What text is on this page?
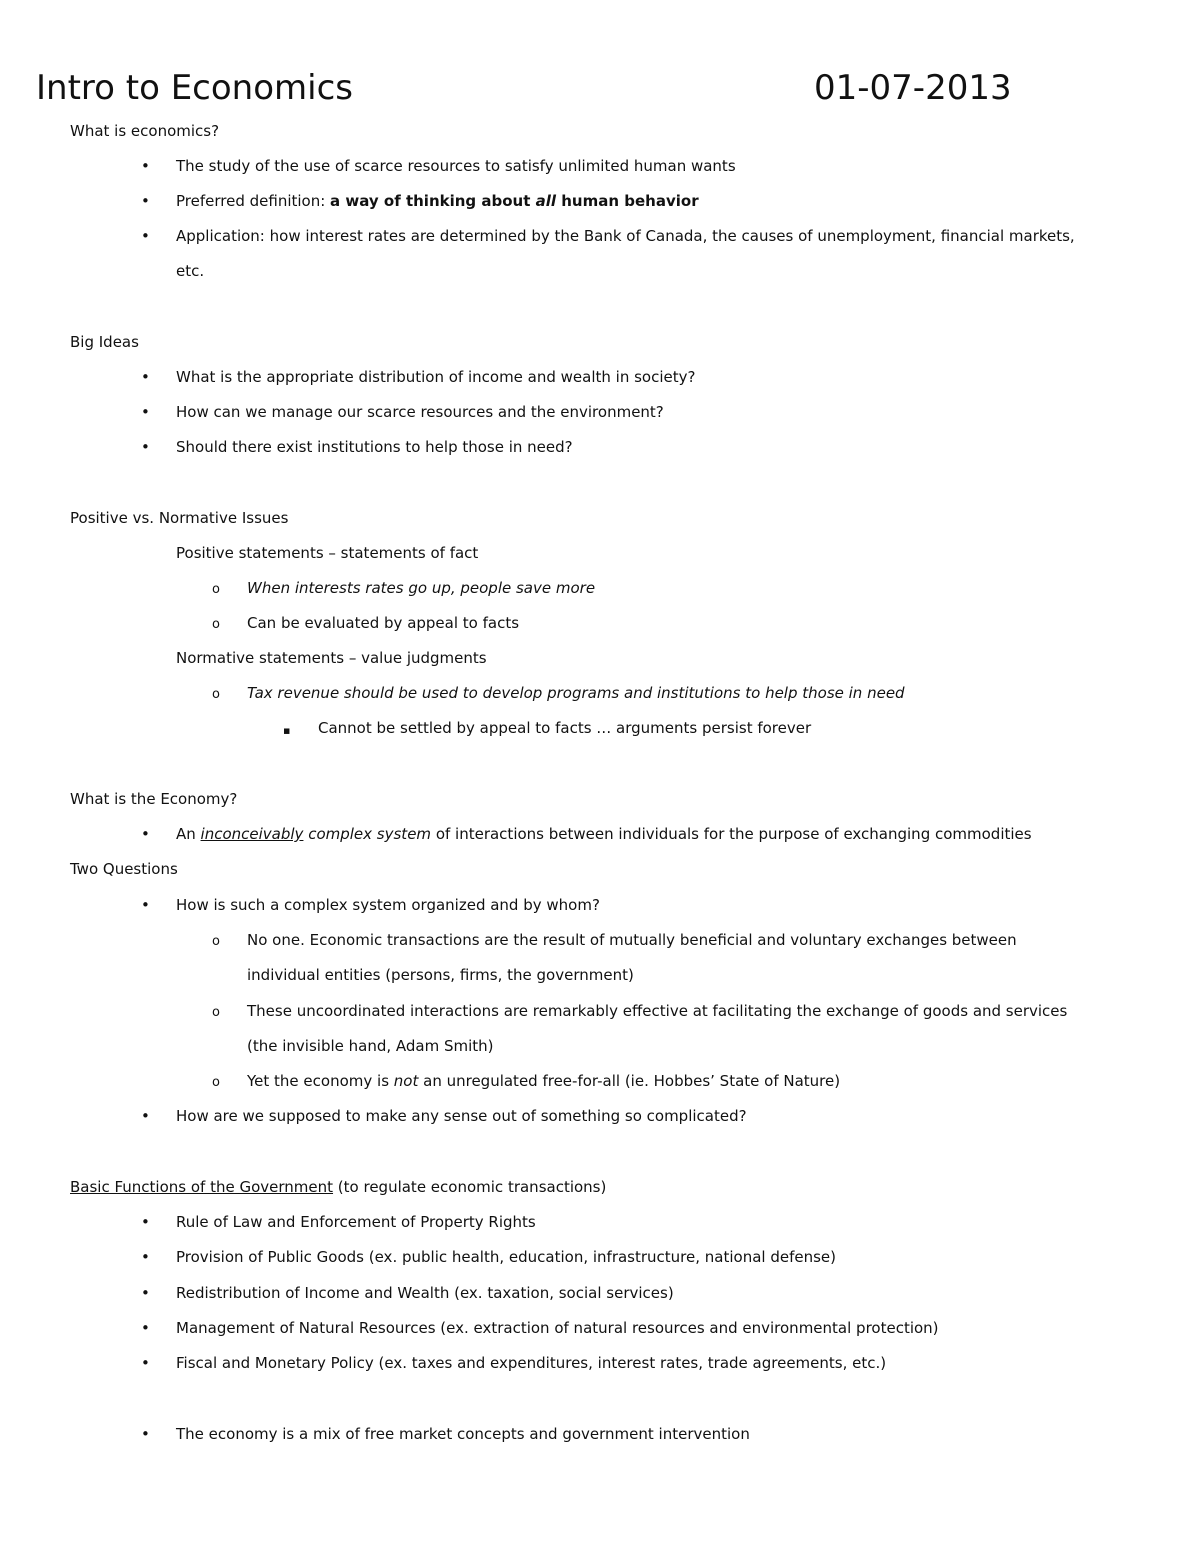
Intro to Economics	01-07-2013
What is economics?
• The study of the use of scarce resources to satisfy unlimited human wants
• Preferred definition: a way of thinking about all human behavior
• Application: how interest rates are determined by the Bank of Canada, the causes of unemployment, financial markets,
etc.
Big Ideas
• What is the appropriate distribution of income and wealth in society?
• How can we manage our scarce resources and the environment?
• Should there exist institutions to help those in need?
Positive vs. Normative Issues
Positive statements – statements of fact
o When interests rates go up, people save more
o Can be evaluated by appeal to facts
Normative statements – value judgments
o Tax revenue should be used to develop programs and institutions to help those in need
▪ Cannot be settled by appeal to facts … arguments persist forever
What is the Economy?
• An inconceivably complex system of interactions between individuals for the purpose of exchanging commodities
Two Questions
• How is such a complex system organized and by whom?
o No one. Economic transactions are the result of mutually beneficial and voluntary exchanges between
individual entities (persons, firms, the government)
o These uncoordinated interactions are remarkably effective at facilitating the exchange of goods and services
(the invisible hand, Adam Smith)
o Yet the economy is not an unregulated free-for-all (ie. Hobbes’ State of Nature)
• How are we supposed to make any sense out of something so complicated?
Basic Functions of the Government (to regulate economic transactions)
• Rule of Law and Enforcement of Property Rights
• Provision of Public Goods (ex. public health, education, infrastructure, national defense)
• Redistribution of Income and Wealth (ex. taxation, social services)
• Management of Natural Resources (ex. extraction of natural resources and environmental protection)
• Fiscal and Monetary Policy (ex. taxes and expenditures, interest rates, trade agreements, etc.)
• The economy is a mix of free market concepts and government intervention
